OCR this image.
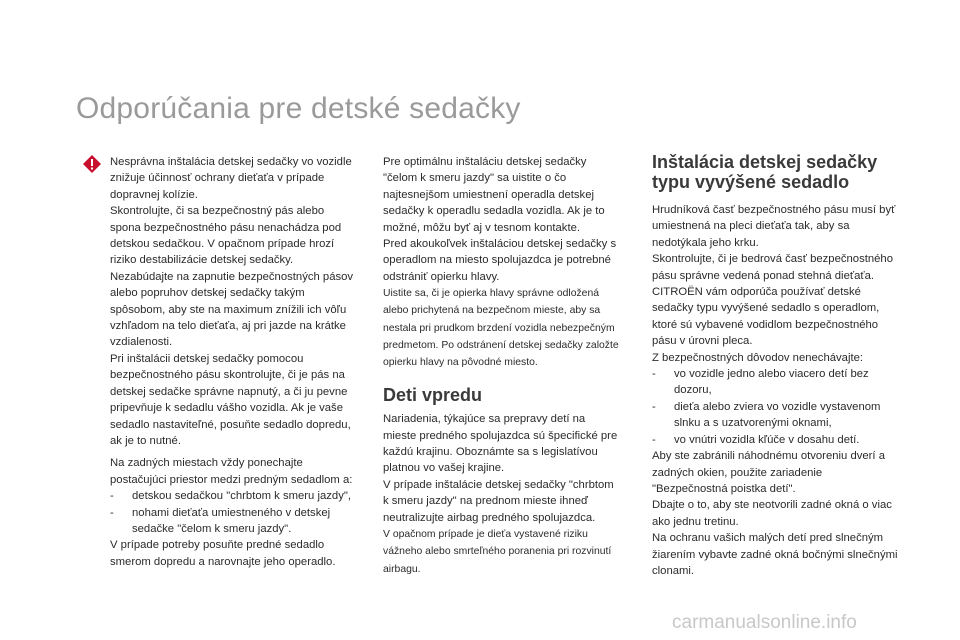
Odporúčania pre detské sedačky

Nesprávna inštalácia detskej sedačky vo vozidle znižuje účinnosť ochrany dieťaťa v prípade dopravnej kolízie.

Skontrolujte, či sa bezpečnostný pás alebo spona bezpečnostného pásu nenachádza pod detskou sedačkou. V opačnom prípade hrozí riziko destabilizácie detskej sedačky.

Nezabúdajte na zapnutie bezpečnostných pásov alebo popruhov detskej sedačky takým spôsobom, aby ste na maximum znížili ich vôľu vzhľadom na telo dieťaťa, aj pri jazde na krátke vzdialenosti.

Pri inštalácii detskej sedačky pomocou bezpečnostného pásu skontrolujte, či je pás na detskej sedačke správne napnutý, a či ju pevne pripevňuje k sedadlu vášho vozidla. Ak je vaše sedadlo nastaviteľné, posuňte sedadlo dopredu, ak je to nutné.

Na zadných miestach vždy ponechajte postačujúci priestor medzi predným sedadlom a:

- detskou sedačkou "chrbtom k smeru jazdy",
- nohami dieťaťa umiestneného v detskej sedačke "čelom k smeru jazdy".

V prípade potreby posuňte predné sedadlo smerom dopredu a narovnajte jeho operadlo.

Pre optimálnu inštaláciu detskej sedačky "čelom k smeru jazdy" sa uistite o čo najtesnejšom umiestnení operadla detskej sedačky k operadlu sedadla vozidla. Ak je to možné, môžu byť aj v tesnom kontakte.

Pred akoukoľvek inštaláciou detskej sedačky s operadlom na miesto spolujazdca je potrebné odstrániť opierku hlavy.

Uistite sa, či je opierka hlavy správne odložená alebo prichytená na bezpečnom mieste, aby sa nestala pri prudkom brzdení vozidla nebezpečným predmetom. Po odstránení detskej sedačky založte opierku hlavy na pôvodné miesto.

Deti vpredu

Nariadenia, týkajúce sa prepravy detí na mieste predného spolujazdca sú špecifické pre každú krajinu. Oboznámte sa s legislatívou platnou vo vašej krajine.

V prípade inštalácie detskej sedačky "chrbtom k smeru jazdy" na prednom mieste ihneď neutralizujte airbag predného spolujazdca.

V opačnom prípade je dieťa vystavené riziku vážneho alebo smrteľného poranenia pri rozvinutí airbagu.

Inštalácia detskej sedačky typu vyvýšené sedadlo

Hrudníková časť bezpečnostného pásu musí byť umiestnená na pleci dieťaťa tak, aby sa nedotýkala jeho krku.

Skontrolujte, či je bedrová časť bezpečnostného pásu správne vedená ponad stehná dieťaťa.

CITROËN vám odporúča používať detské sedačky typu vyvýšené sedadlo s operadlom, ktoré sú vybavené vodidlom bezpečnostného pásu v úrovni pleca.

Z bezpečnostných dôvodov nenechávajte:

- vo vozidle jedno alebo viacero detí bez dozoru,
- dieťa alebo zviera vo vozidle vystavenom slnku a s uzatvorenými oknami,
- vo vnútri vozidla kľúče v dosahu detí.

Aby ste zabránili náhodnému otvoreniu dverí a zadných okien, použite zariadenie "Bezpečnostná poistka detí".

Dbajte o to, aby ste neotvorili zadné okná o viac ako jednu tretinu.

Na ochranu vašich malých detí pred slnečným žiarením vybavte zadné okná bočnými slnečnými clonami.

carmanualsonline.info
